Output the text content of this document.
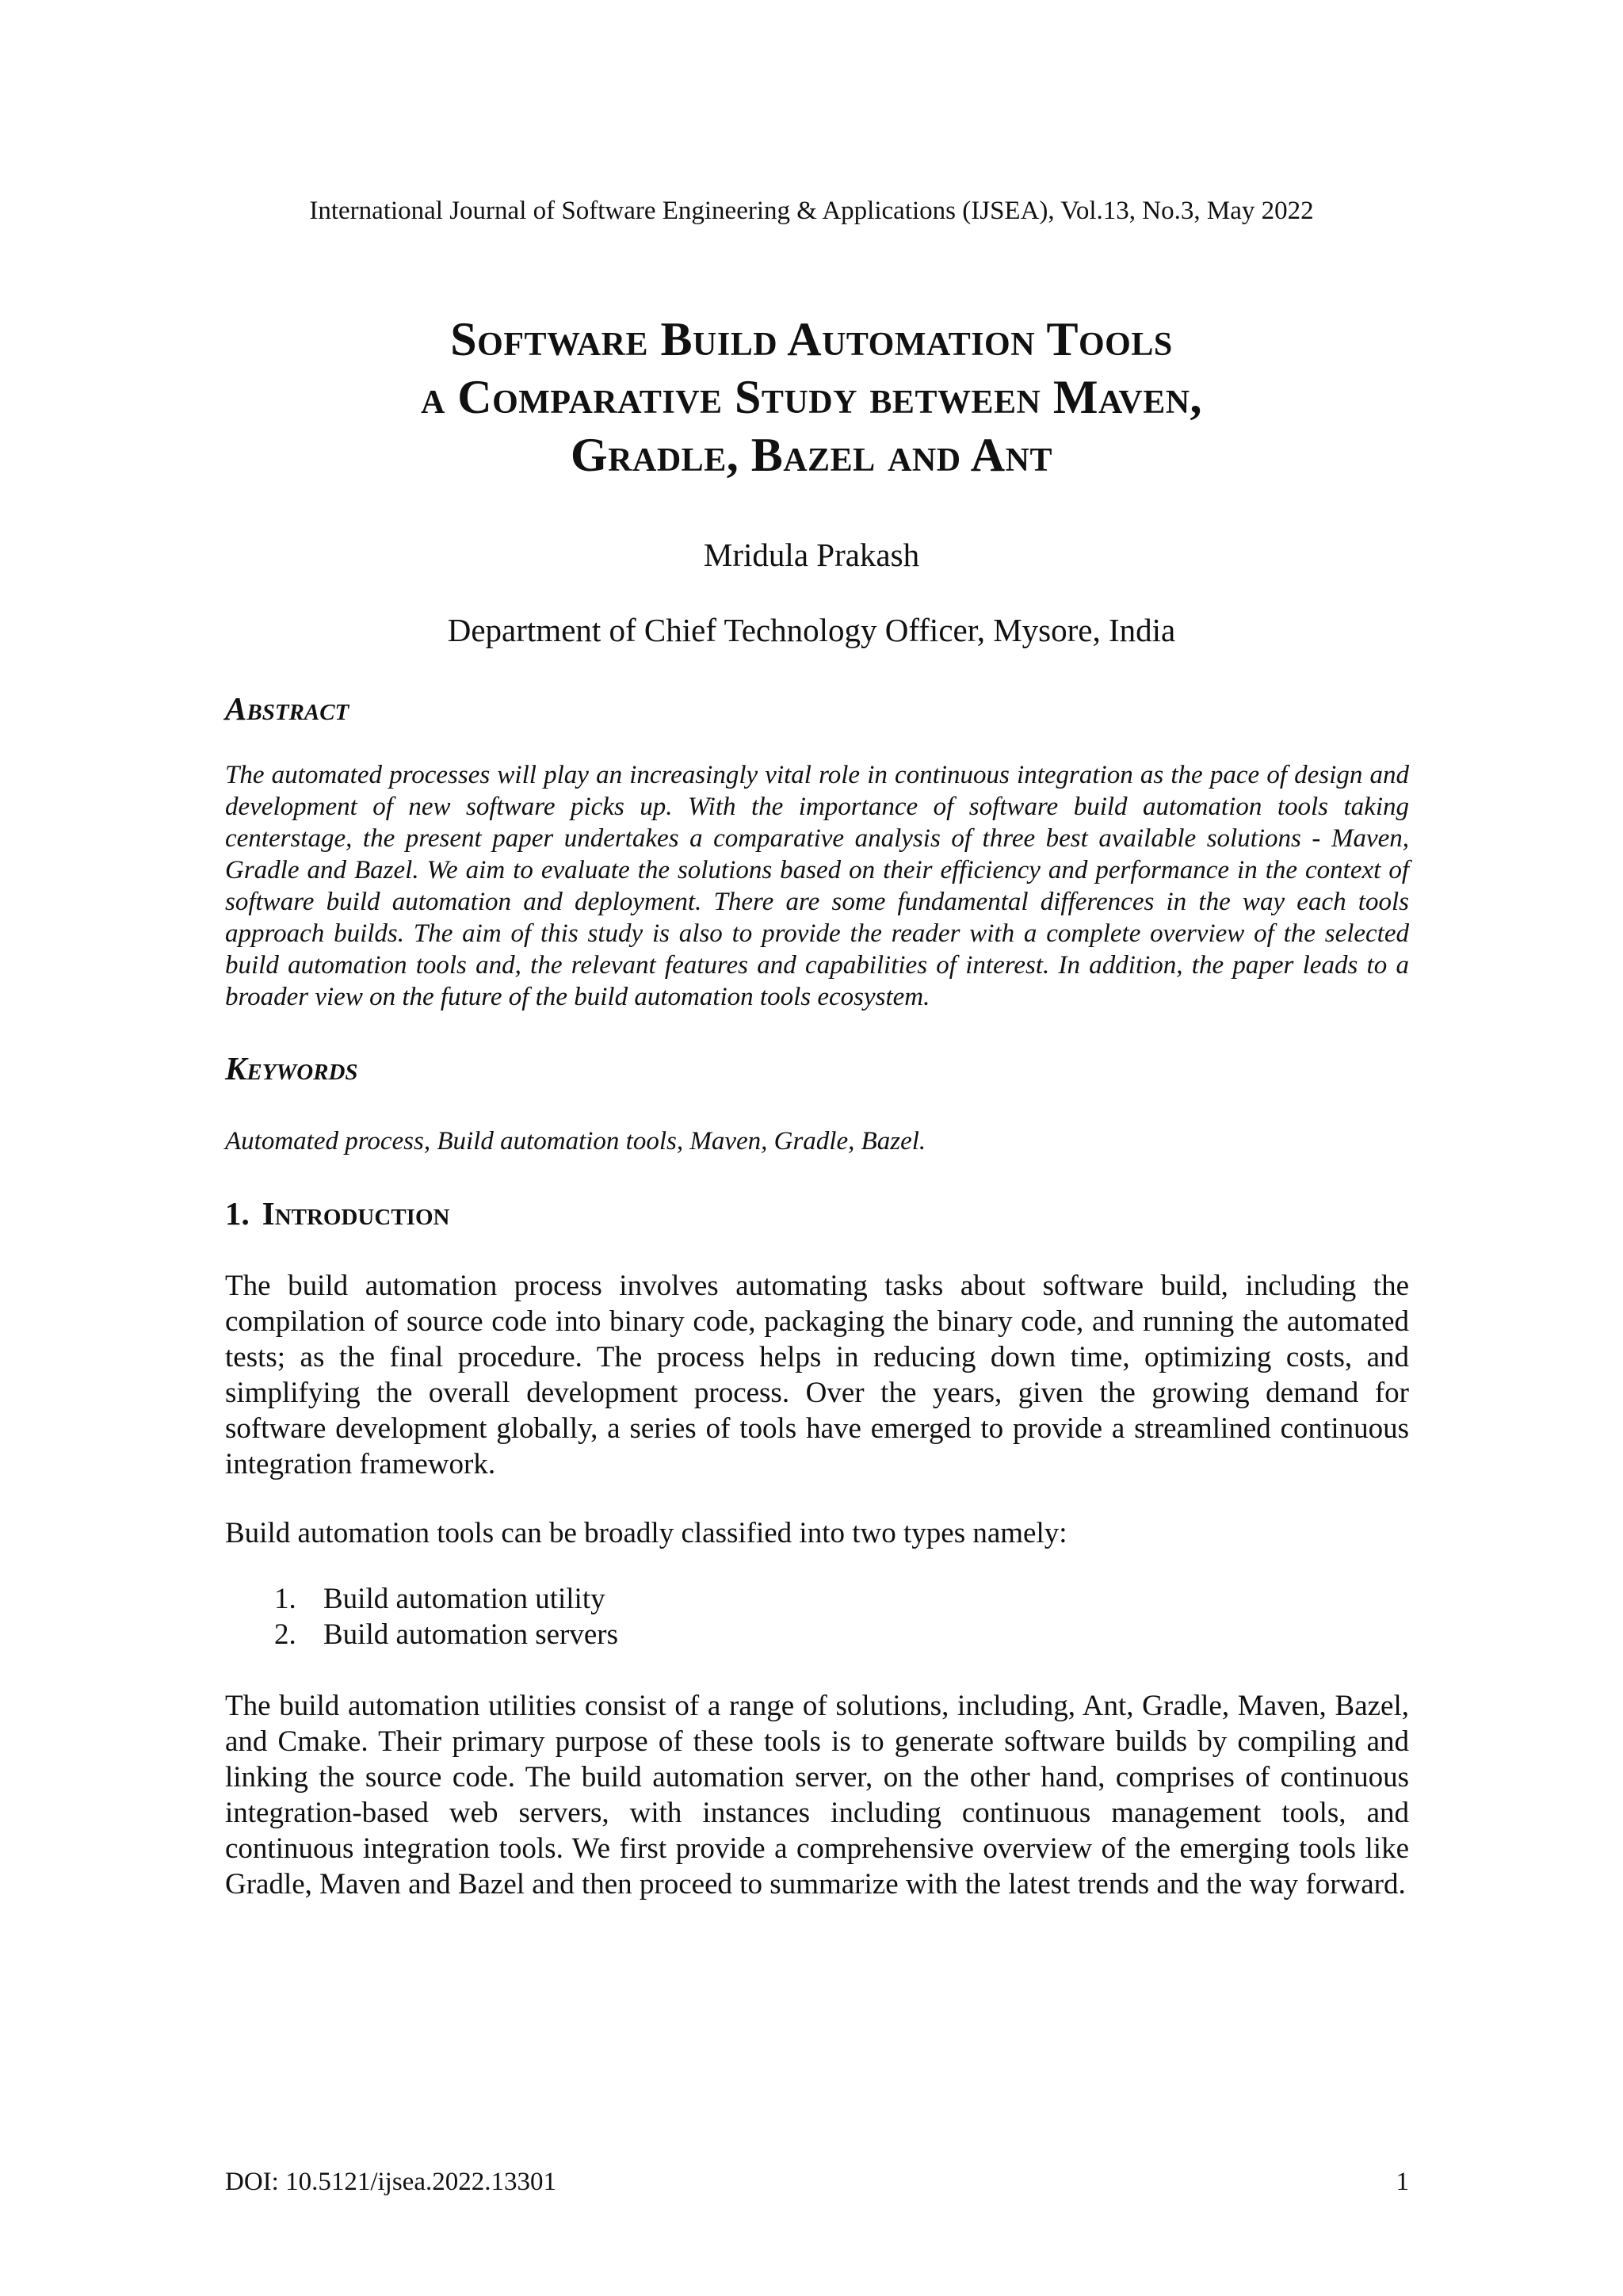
International Journal of Software Engineering & Applications (IJSEA), Vol.13, No.3, May 2022
Software Build Automation Tools
a Comparative Study between Maven,
Gradle, Bazel and Ant
Mridula Prakash
Department of Chief Technology Officer, Mysore, India
Abstract

The automated processes will play an increasingly vital role in continuous integration as the pace of design and development of new software picks up. With the importance of software build automation tools taking centerstage, the present paper undertakes a comparative analysis of three best available solutions - Maven, Gradle and Bazel. We aim to evaluate the solutions based on their efficiency and performance in the context of software build automation and deployment. There are some fundamental differences in the way each tools approach builds. The aim of this study is also to provide the reader with a complete overview of the selected build automation tools and, the relevant features and capabilities of interest. In addition, the paper leads to a broader view on the future of the build automation tools ecosystem.

Keywords

Automated process, Build automation tools, Maven, Gradle, Bazel.

1. Introduction

The build automation process involves automating tasks about software build, including the compilation of source code into binary code, packaging the binary code, and running the automated tests; as the final procedure. The process helps in reducing down time, optimizing costs, and simplifying the overall development process. Over the years, given the growing demand for software development globally, a series of tools have emerged to provide a streamlined continuous integration framework.

Build automation tools can be broadly classified into two types namely:

1. Build automation utility
2. Build automation servers

The build automation utilities consist of a range of solutions, including, Ant, Gradle, Maven, Bazel, and Cmake. Their primary purpose of these tools is to generate software builds by compiling and linking the source code. The build automation server, on the other hand, comprises of continuous integration-based web servers, with instances including continuous management tools, and continuous integration tools. We first provide a comprehensive overview of the emerging tools like Gradle, Maven and Bazel and then proceed to summarize with the latest trends and the way forward.

DOI: 10.5121/ijsea.2022.13301	1
